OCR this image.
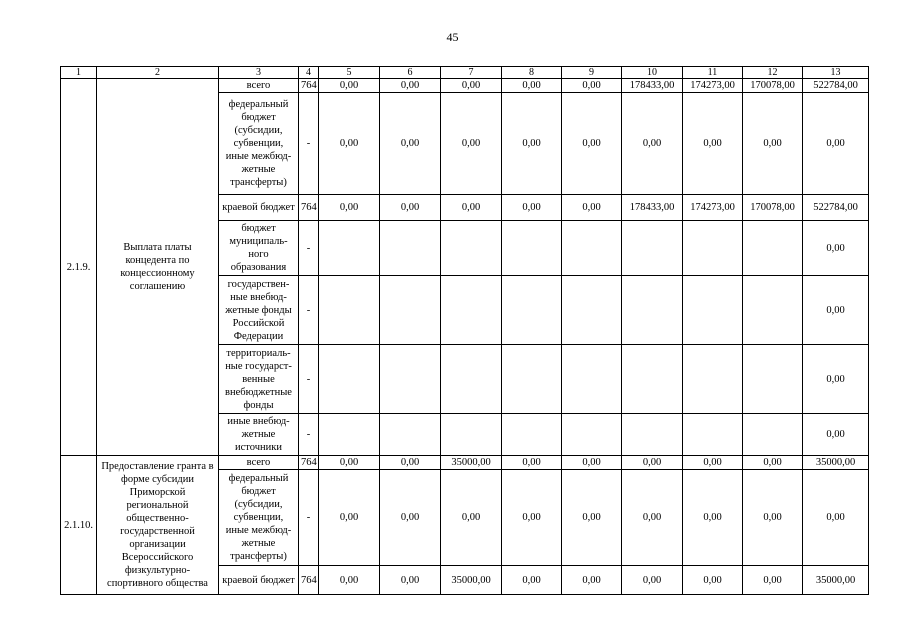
45
1	2	3	4	5	6	7	8	9	10	11	12	13
2.1.9.	Выплата платы концедента по концессионному соглашению	всего	764	0,00	0,00	0,00	0,00	0,00	178433,00	174273,00	170078,00	522784,00
		федеральный бюджет (субсидии, субвенции, иные межбюд-жетные трансферты)	-	0,00	0,00	0,00	0,00	0,00	0,00	0,00	0,00	0,00
		краевой бюджет	764	0,00	0,00	0,00	0,00	0,00	178433,00	174273,00	170078,00	522784,00
		бюджет муниципаль-ного образования	-									0,00
		государствен-ные внебюд-жетные фонды Российской Федерации	-									0,00
		территориаль-ные государст-венные внебюджетные фонды	-									0,00
		иные внебюд-жетные источники	-									0,00
2.1.10.	Предоставление гранта в форме субсидии Приморской региональной общественно-государственной организации Всероссийского физкультурно-спортивного общества	всего	764	0,00	0,00	35000,00	0,00	0,00	0,00	0,00	0,00	35000,00
		федеральный бюджет (субсидии, субвенции, иные межбюд-жетные трансферты)	-	0,00	0,00	0,00	0,00	0,00	0,00	0,00	0,00	0,00
		краевой бюджет	764	0,00	0,00	35000,00	0,00	0,00	0,00	0,00	0,00	35000,00
